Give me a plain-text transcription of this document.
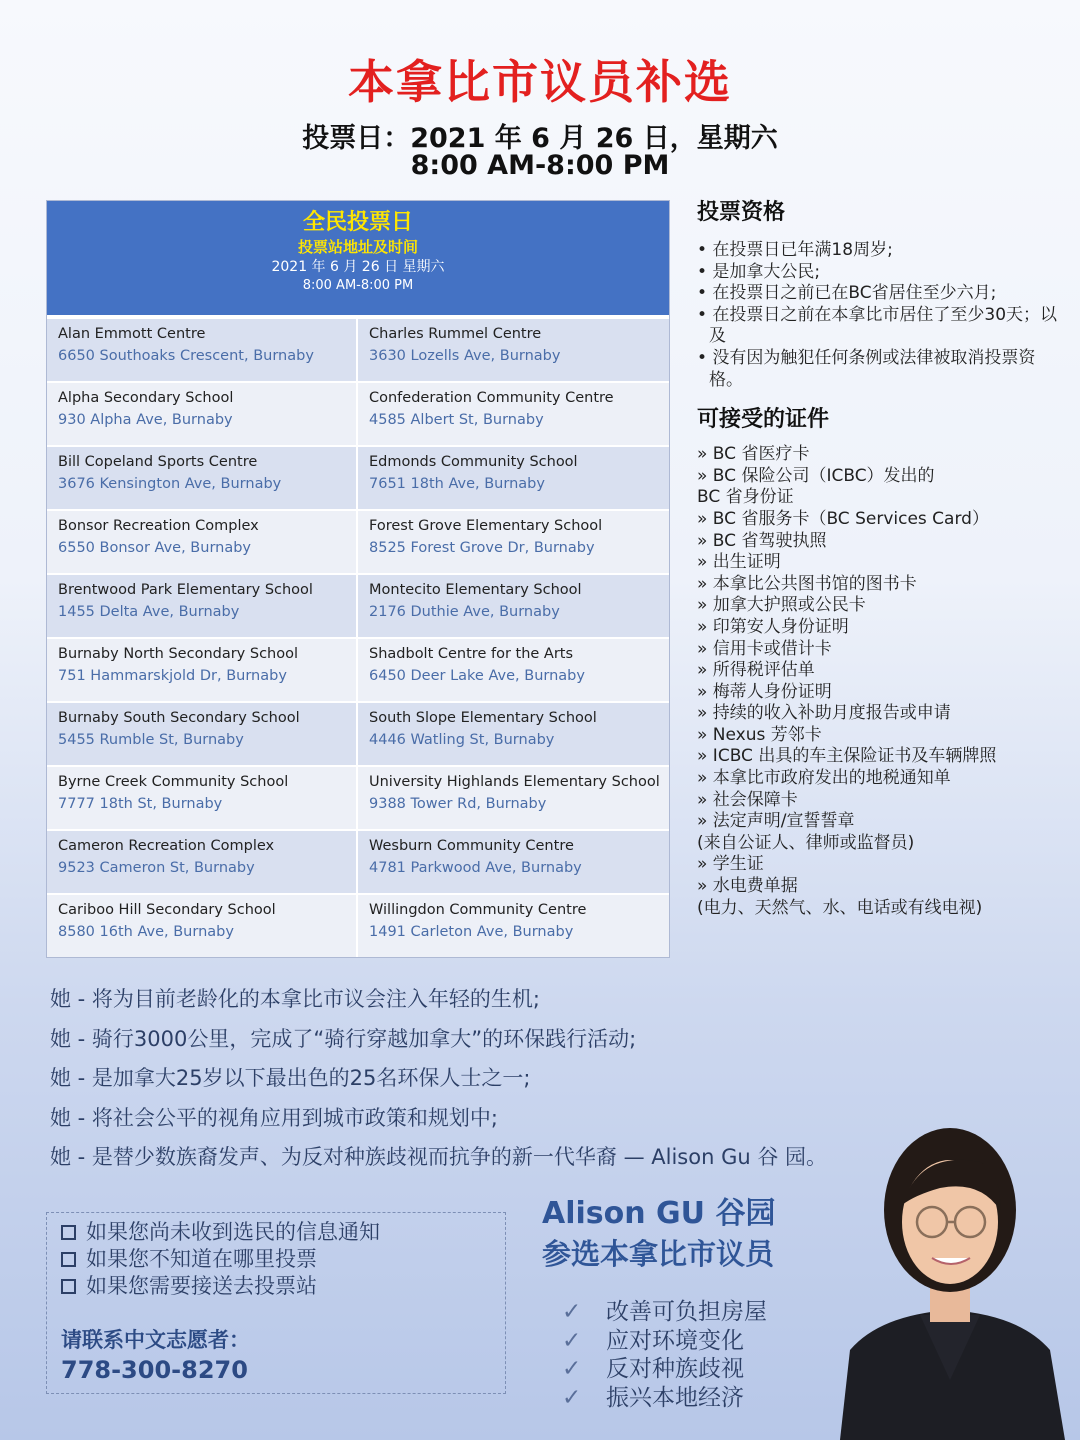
本拿比市议员补选
投票日：2021 年 6 月 26 日，星期六
8:00 AM-8:00 PM
全民投票日
投票站地址及时间
2021 年 6 月 26 日 星期六
8:00 AM-8:00 PM
Alan Emmott Centre
6650 Southoaks Crescent, Burnaby
Charles Rummel Centre
3630 Lozells Ave, Burnaby
Alpha Secondary School
930 Alpha Ave, Burnaby
Confederation Community Centre
4585 Albert St, Burnaby
Bill Copeland Sports Centre
3676 Kensington Ave, Burnaby
Edmonds Community School
7651 18th Ave, Burnaby
Bonsor Recreation Complex
6550 Bonsor Ave, Burnaby
Forest Grove Elementary School
8525 Forest Grove Dr, Burnaby
Brentwood Park Elementary School
1455 Delta Ave, Burnaby
Montecito Elementary School
2176 Duthie Ave, Burnaby
Burnaby North Secondary School
751 Hammarskjold Dr, Burnaby
Shadbolt Centre for the Arts
6450 Deer Lake Ave, Burnaby
Burnaby South Secondary School
5455 Rumble St, Burnaby
South Slope Elementary School
4446 Watling St, Burnaby
Byrne Creek Community School
7777 18th St, Burnaby
University Highlands Elementary School
9388 Tower Rd, Burnaby
Cameron Recreation Complex
9523 Cameron St, Burnaby
Wesburn Community Centre
4781 Parkwood Ave, Burnaby
Cariboo Hill Secondary School
8580 16th Ave, Burnaby
Willingdon Community Centre
1491 Carleton Ave, Burnaby
投票资格
• 在投票日已年满18周岁;
• 是加拿大公民;
• 在投票日之前已在BC省居住至少六月;
• 在投票日之前在本拿比市居住了至少30天；以及
• 没有因为触犯任何条例或法律被取消投票资格。
可接受的证件
» BC 省医疗卡
» BC 保险公司（ICBC）发出的
BC 省身份证
» BC 省服务卡（BC Services Card）
» BC 省驾驶执照
» 出生证明
» 本拿比公共图书馆的图书卡
» 加拿大护照或公民卡
» 印第安人身份证明
» 信用卡或借计卡
» 所得税评估单
» 梅蒂人身份证明
» 持续的收入补助月度报告或申请
» Nexus 芳邻卡
» ICBC 出具的车主保险证书及车辆牌照
» 本拿比市政府发出的地税通知单
» 社会保障卡
» 法定声明/宣誓誓章
(来自公证人、律师或监督员)
» 学生证
» 水电费单据
(电力、天然气、水、电话或有线电视)
她 - 将为目前老龄化的本拿比市议会注入年轻的生机;
她 - 骑行3000公里，完成了“骑行穿越加拿大”的环保践行活动;
她 - 是加拿大25岁以下最出色的25名环保人士之一;
她 - 将社会公平的视角应用到城市政策和规划中;
她 - 是替少数族裔发声、为反对种族歧视而抗争的新一代华裔 — Alison Gu 谷 园。
如果您尚未收到选民的信息通知
如果您不知道在哪里投票
如果您需要接送去投票站
请联系中文志愿者：
778-300-8270
Alison GU 谷园
参选本拿比市议员
✓ 改善可负担房屋
✓ 应对环境变化
✓ 反对种族歧视
✓ 振兴本地经济
